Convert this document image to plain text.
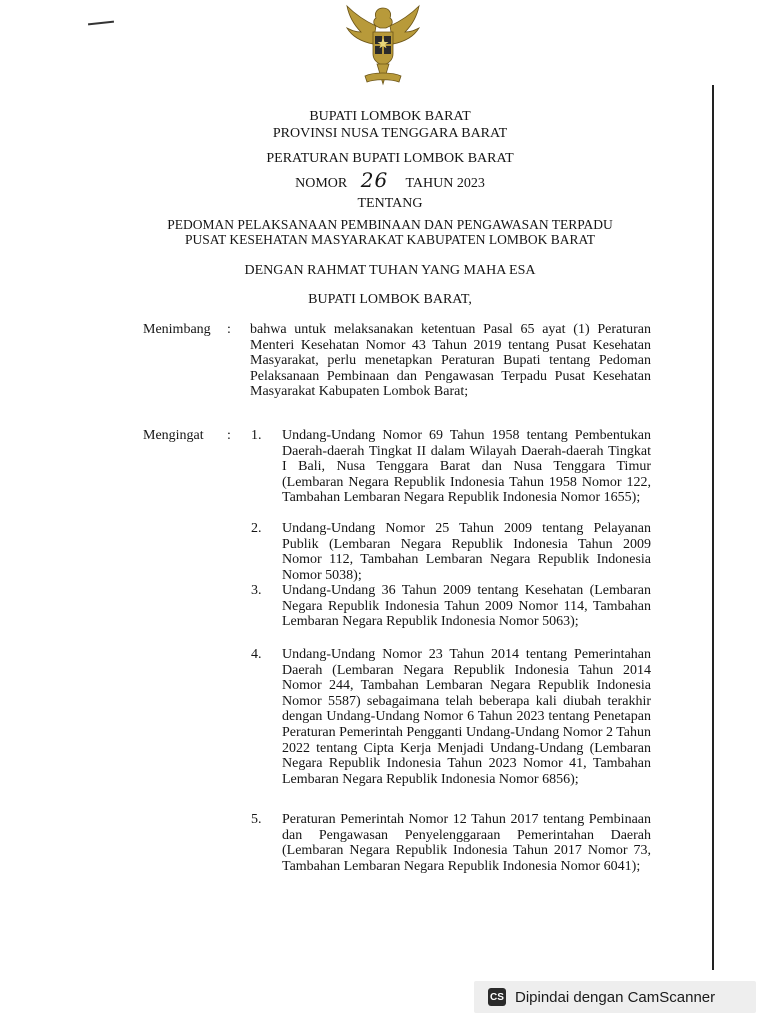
BUPATI LOMBOK BARAT
PROVINSI NUSA TENGGARA BARAT
PERATURAN BUPATI LOMBOK BARAT
NOMOR 26 TAHUN 2023
TENTANG
PEDOMAN PELAKSANAAN PEMBINAAN DAN PENGAWASAN TERPADU
PUSAT KESEHATAN MASYARAKAT KABUPATEN LOMBOK BARAT
DENGAN RAHMAT TUHAN YANG MAHA ESA
BUPATI LOMBOK BARAT,
Menimbang : bahwa untuk melaksanakan ketentuan Pasal 65 ayat (1) Peraturan Menteri Kesehatan Nomor 43 Tahun 2019 tentang Pusat Kesehatan Masyarakat, perlu menetapkan Peraturan Bupati tentang Pedoman Pelaksanaan Pembinaan dan Pengawasan Terpadu Pusat Kesehatan Masyarakat Kabupaten Lombok Barat;
Mengingat : 1. Undang-Undang Nomor 69 Tahun 1958 tentang Pembentukan Daerah-daerah Tingkat II dalam Wilayah Daerah-daerah Tingkat I Bali, Nusa Tenggara Barat dan Nusa Tenggara Timur (Lembaran Negara Republik Indonesia Tahun 1958 Nomor 122, Tambahan Lembaran Negara Republik Indonesia Nomor 1655);
2. Undang-Undang Nomor 25 Tahun 2009 tentang Pelayanan Publik (Lembaran Negara Republik Indonesia Tahun 2009 Nomor 112, Tambahan Lembaran Negara Republik Indonesia Nomor 5038);
3. Undang-Undang 36 Tahun 2009 tentang Kesehatan (Lembaran Negara Republik Indonesia Tahun 2009 Nomor 114, Tambahan Lembaran Negara Republik Indonesia Nomor 5063);
4. Undang-Undang Nomor 23 Tahun 2014 tentang Pemerintahan Daerah (Lembaran Negara Republik Indonesia Tahun 2014 Nomor 244, Tambahan Lembaran Negara Republik Indonesia Nomor 5587) sebagaimana telah beberapa kali diubah terakhir dengan Undang-Undang Nomor 6 Tahun 2023 tentang Penetapan Peraturan Pemerintah Pengganti Undang-Undang Nomor 2 Tahun 2022 tentang Cipta Kerja Menjadi Undang-Undang (Lembaran Negara Republik Indonesia Tahun 2023 Nomor 41, Tambahan Lembaran Negara Republik Indonesia Nomor 6856);
5. Peraturan Pemerintah Nomor 12 Tahun 2017 tentang Pembinaan dan Pengawasan Penyelenggaraan Pemerintahan Daerah (Lembaran Negara Republik Indonesia Tahun 2017 Nomor 73, Tambahan Lembaran Negara Republik Indonesia Nomor 6041);
CS Dipindai dengan CamScanner
